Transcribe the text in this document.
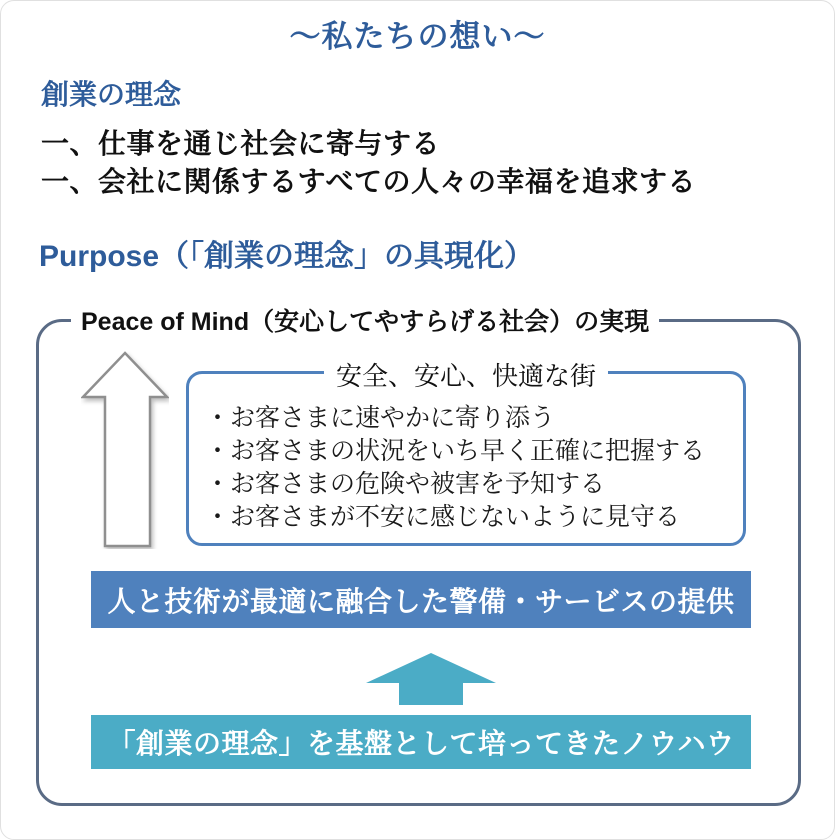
～私たちの想い～
創業の理念
一、仕事を通じ社会に寄与する
一、会社に関係するすべての人々の幸福を追求する
Purpose（「創業の理念」の具現化）
Peace of Mind（安心してやすらげる社会）の実現
安全、安心、快適な街
・お客さまに速やかに寄り添う
・お客さまの状況をいち早く正確に把握する
・お客さまの危険や被害を予知する
・お客さまが不安に感じないように見守る
人と技術が最適に融合した警備・サービスの提供
「創業の理念」を基盤として培ってきたノウハウ
